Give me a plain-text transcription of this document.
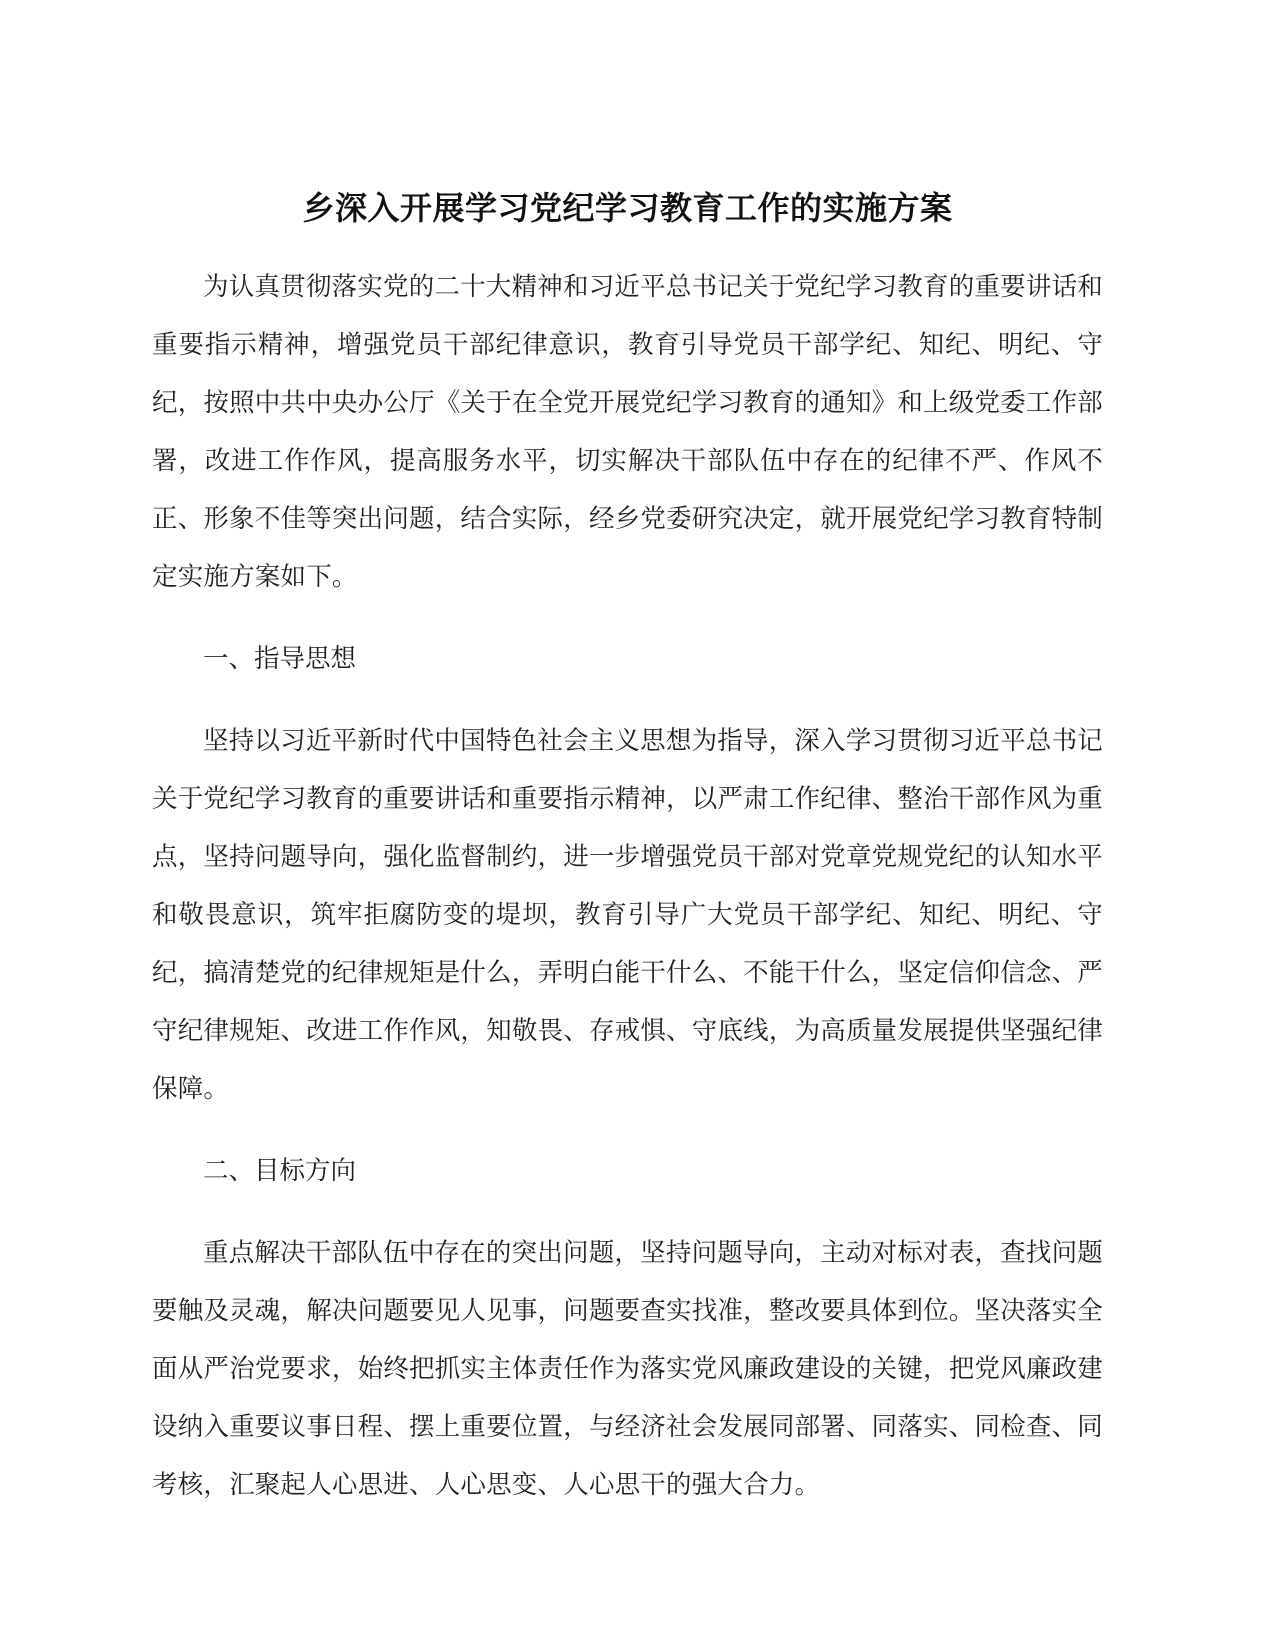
乡深入开展学习党纪学习教育工作的实施方案

为认真贯彻落实党的二十大精神和习近平总书记关于党纪学习教育的重要讲话和重要指示精神，增强党员干部纪律意识，教育引导党员干部学纪、知纪、明纪、守纪，按照中共中央办公厅《关于在全党开展党纪学习教育的通知》和上级党委工作部署，改进工作作风，提高服务水平，切实解决干部队伍中存在的纪律不严、作风不正、形象不佳等突出问题，结合实际，经乡党委研究决定，就开展党纪学习教育特制定实施方案如下。

一、指导思想

坚持以习近平新时代中国特色社会主义思想为指导，深入学习贯彻习近平总书记关于党纪学习教育的重要讲话和重要指示精神，以严肃工作纪律、整治干部作风为重点，坚持问题导向，强化监督制约，进一步增强党员干部对党章党规党纪的认知水平和敬畏意识，筑牢拒腐防变的堤坝，教育引导广大党员干部学纪、知纪、明纪、守纪，搞清楚党的纪律规矩是什么，弄明白能干什么、不能干什么，坚定信仰信念、严守纪律规矩、改进工作作风，知敬畏、存戒惧、守底线，为高质量发展提供坚强纪律保障。

二、目标方向

重点解决干部队伍中存在的突出问题，坚持问题导向，主动对标对表，查找问题要触及灵魂，解决问题要见人见事，问题要查实找准，整改要具体到位。坚决落实全面从严治党要求，始终把抓实主体责任作为落实党风廉政建设的关键，把党风廉政建设纳入重要议事日程、摆上重要位置，与经济社会发展同部署、同落实、同检查、同考核，汇聚起人心思进、人心思变、人心思干的强大合力。
